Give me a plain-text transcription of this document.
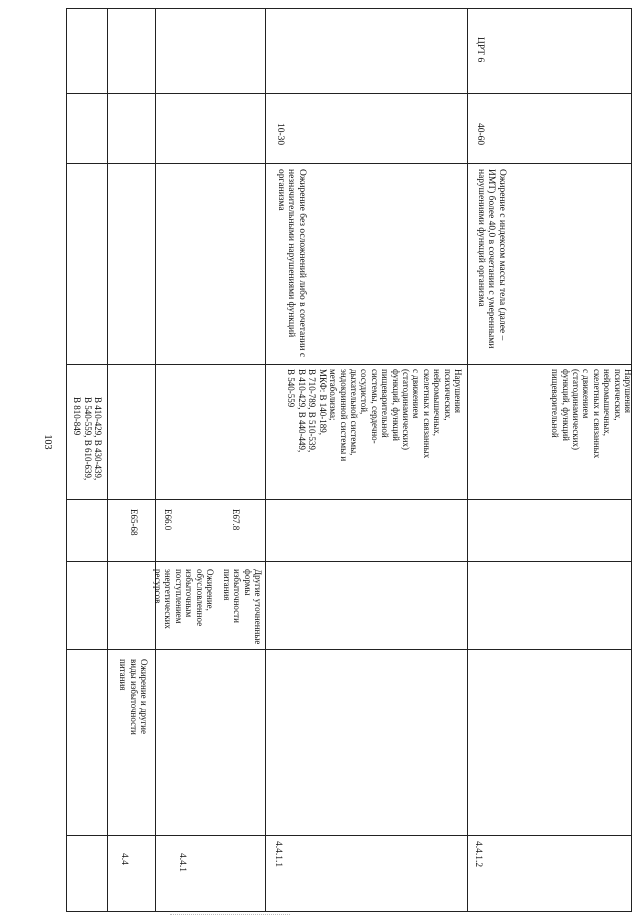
103
В 410-429, В 430-439,
В 540-559, В 610-639,
В 810-849
4.4
Ожирение и другие
виды избыточности
питания
Е65-68
4.4.1
Ожирение,
обусловленное
избыточным
поступлением
энергетических ресурсов
Е66.0
Другие уточненные
формы избыточности
питания
Е67.8
4.4.1.1
Нарушения
психических,
нейромышечных,
скелетных и связанных
с движением
(статодинамических)
функций, функций
пищеварительной
системы, сердечно-
сосудистой,
дыхательной системы,
эндокринной системы и
метаболизма;
МКФ: В 140-189,
В 710-789, В 510-539,
В 410-429, В 440-449,
В 540-559
Ожирение без осложнений либо в сочетании с
незначительными нарушениями функций
организма
10-30
4.4.1.2
Нарушения
психических,
нейромышечных,
скелетных и связанных
с движением
(статодинамических)
функций, функций
пищеварительной
Ожирение с индексом массы тела (далее –
ИМТ) более 40,0 в сочетании с умеренными
нарушениями функций организма
40-60
ЦРТ 6
